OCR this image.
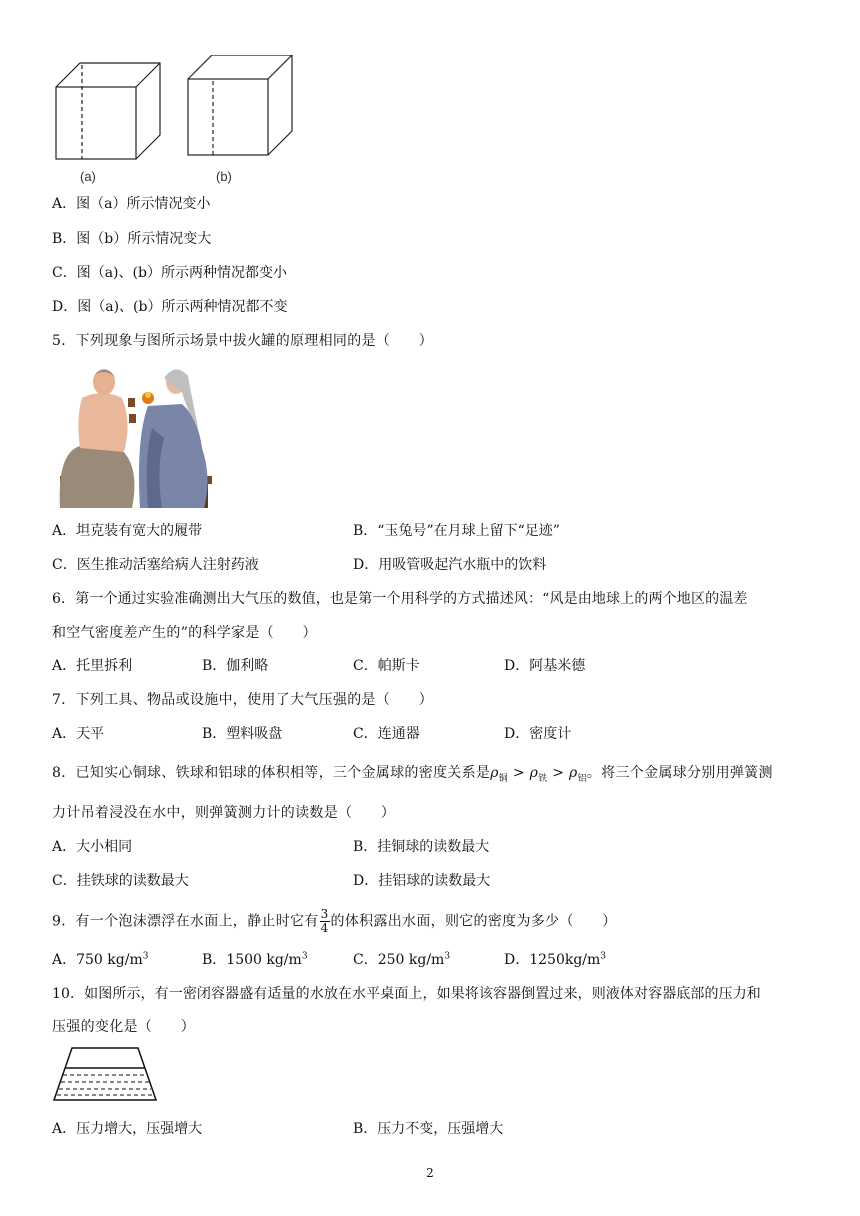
(a)	(b)
A．图（a）所示情况变小
B．图（b）所示情况变大
C．图（a)、(b）所示两种情况都变小
D．图（a)、(b）所示两种情况都不变
5．下列现象与图所示场景中拔火罐的原理相同的是（　　）
A．坦克装有宽大的履带	B．“玉兔号”在月球上留下“足迹”
C．医生推动活塞给病人注射药液	D．用吸管吸起汽水瓶中的饮料
6．第一个通过实验准确测出大气压的数值，也是第一个用科学的方式描述风：“风是由地球上的两个地区的温差
和空气密度差产生的”的科学家是（　　）
A．托里拆利	B．伽利略	C．帕斯卡	D．阿基米德
7．下列工具、物品或设施中，使用了大气压强的是（　　）
A．天平	B．塑料吸盘	C．连通器	D．密度计
8．已知实心铜球、铁球和铝球的体积相等，三个金属球的密度关系是$\rho_铜 > \rho_铁 > \rho_铝$。将三个金属球分别用弹簧测
力计吊着浸没在水中，则弹簧测力计的读数是（　　）
A．大小相同	B．挂铜球的读数最大
C．挂铁球的读数最大	D．挂铝球的读数最大
9．有一个泡沫漂浮在水面上，静止时它有 $\frac{3}{4}$ 的体积露出水面，则它的密度为多少（　　）
A．750 $kg/m^3$	B．1500 $kg/m^3$	C．250 $kg/m^3$	D．$1250kg/m^3$
10．如图所示，有一密闭容器盛有适量的水放在水平桌面上，如果将该容器倒置过来，则液体对容器底部的压力和
压强的变化是（　　）
A．压力增大，压强增大	B．压力不变，压强增大
2
